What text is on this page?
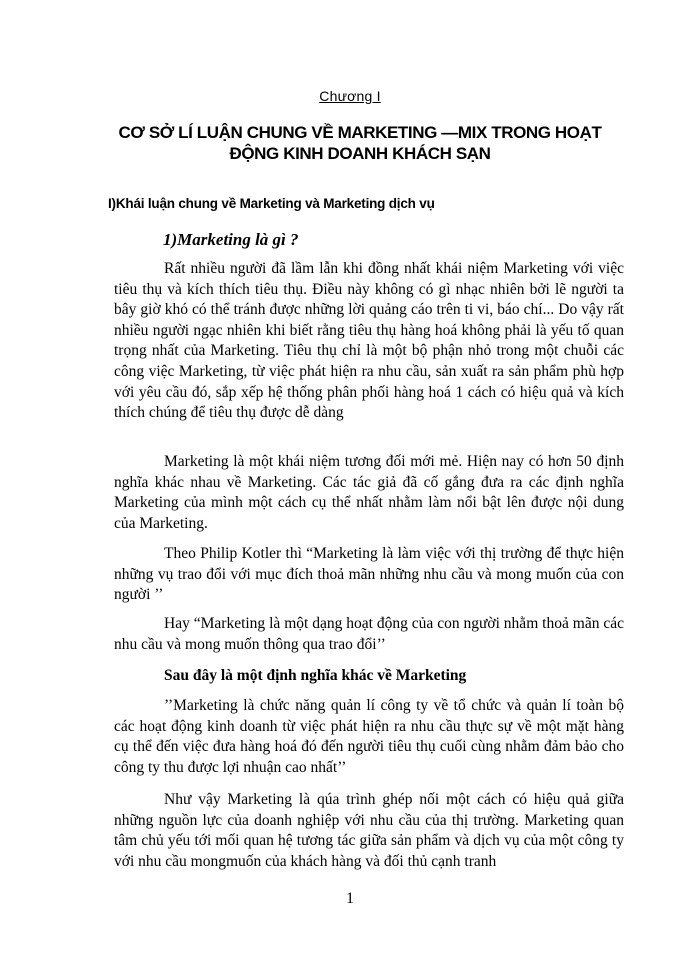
Chương I
CƠ SỞ LÍ LUẬN CHUNG VỀ MARKETING —MIX TRONG HOẠT ĐỘNG KINH DOANH KHÁCH SẠN
I)Khái luận chung về Marketing và Marketing dịch vụ
1)Marketing là gì ?

Rất nhiều người đã lầm lẫn khi đồng nhất khái niệm Marketing với việc tiêu thụ và kích thích tiêu thụ. Điều này không có gì nhạc nhiên bởi lẽ người ta bây giờ khó có thể tránh được những lời quảng cáo trên ti vi, báo chí... Do vậy rất nhiều người ngạc nhiên khi biết rằng tiêu thụ hàng hoá không phải là yếu tố quan trọng nhất của Marketing. Tiêu thụ chỉ là một bộ phận nhỏ trong một chuỗi các công việc Marketing, từ việc phát hiện ra nhu cầu, sản xuất ra sản phẩm phù hợp với yêu cầu đó, sắp xếp hệ thống phân phối hàng hoá 1 cách có hiệu quả và kích thích chúng để tiêu thụ được dễ dàng

Marketing là một khái niệm tương đối mới mẻ. Hiện nay có hơn 50 định nghĩa khác nhau về Marketing. Các tác giả đã cố gắng đưa ra các định nghĩa Marketing của mình một cách cụ thể nhất nhằm làm nổi bật lên được nội dung của Marketing.

Theo Philip Kotler thì “Marketing là làm việc với thị trường để thực hiện những vụ trao đổi với mục đích thoả mãn những nhu cầu và mong muốn của con người ’’

Hay “Marketing là một dạng hoạt động của con người nhằm thoả mãn các nhu cầu và mong muốn thông qua trao đổi’’

Sau đây là một định nghĩa khác về Marketing

’’Marketing là chức năng quản lí công ty về tổ chức và quản lí toàn bộ các hoạt động kinh doanh từ việc phát hiện ra nhu cầu thực sự về một mặt hàng cụ thể đến việc đưa hàng hoá đó đến người tiêu thụ cuối cùng nhằm đảm bảo cho công ty thu được lợi nhuận cao nhất’’

Như vậy Marketing là qúa trình ghép nối một cách có hiệu quả giữa những nguồn lực của doanh nghiệp với nhu cầu của thị trường. Marketing quan tâm chủ yếu tới mối quan hệ tương tác giữa sản phẩm và dịch vụ của một công ty với nhu cầu mongmuốn của khách hàng và đối thủ cạnh tranh

1
